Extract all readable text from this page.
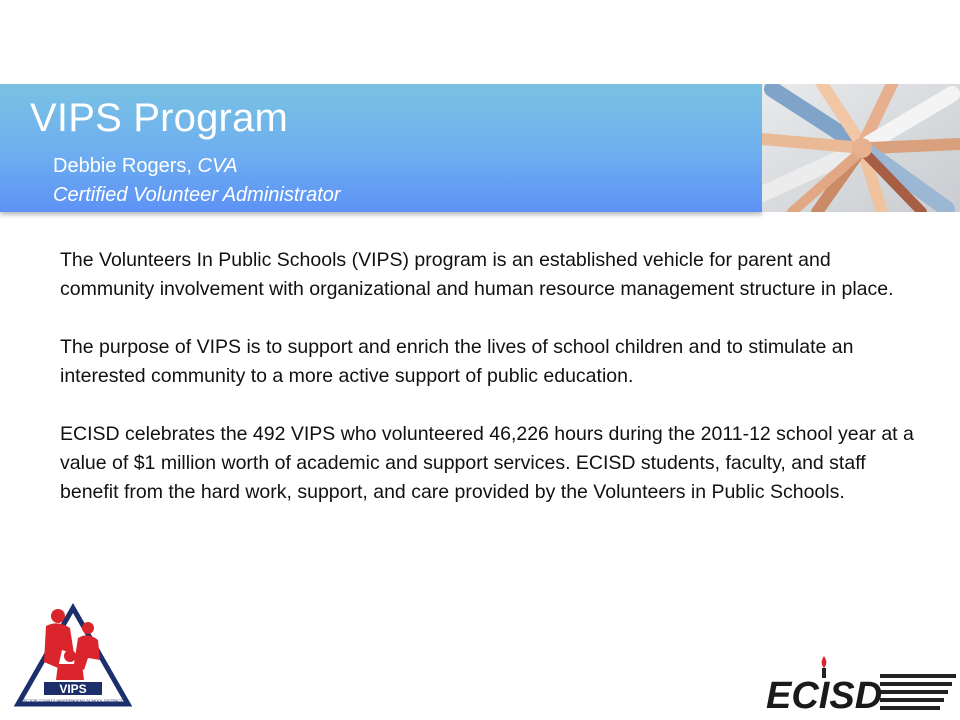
VIPS Program
Debbie Rogers, CVA
Certified Volunteer Administrator

The Volunteers In Public Schools (VIPS) program is an established vehicle for parent and community involvement with organizational and human resource management structure in place.

The purpose of VIPS is to support and enrich the lives of school children and to stimulate an interested community to a more active support of public education.

ECISD celebrates the 492 VIPS who volunteered 46,226 hours during the 2011-12 school year at a value of $1 million worth of academic and support services. ECISD students, faculty, and staff benefit from the hard work, support, and care provided by the Volunteers in Public Schools.

VIPS
ECTOR COUNTY INDEPENDENT SCHOOL DISTRICT	ECISD
